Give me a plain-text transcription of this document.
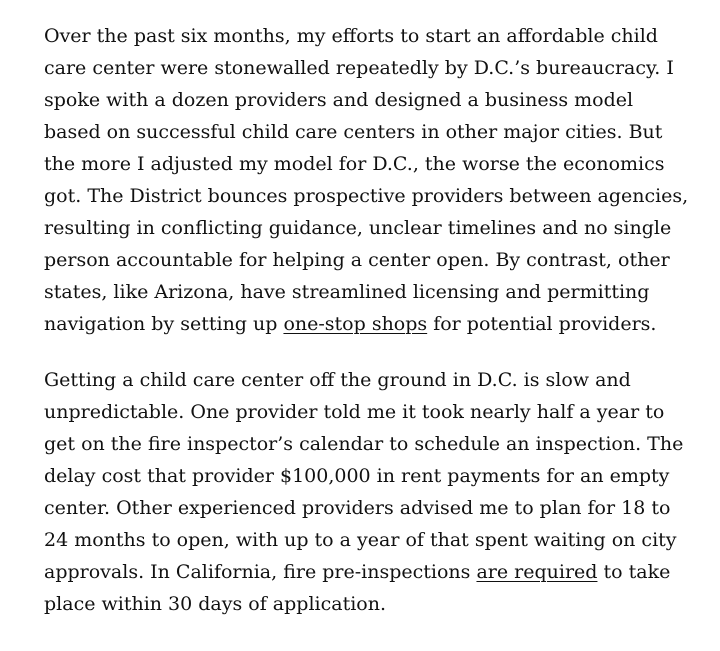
Over the past six months, my efforts to start an affordable child care center were stonewalled repeatedly by D.C.’s bureaucracy. I spoke with a dozen providers and designed a business model based on successful child care centers in other major cities. But the more I adjusted my model for D.C., the worse the economics got. The District bounces prospective providers between agencies, resulting in conflicting guidance, unclear timelines and no single person accountable for helping a center open. By contrast, other states, like Arizona, have streamlined licensing and permitting navigation by setting up one-stop shops for potential providers.

Getting a child care center off the ground in D.C. is slow and unpredictable. One provider told me it took nearly half a year to get on the fire inspector’s calendar to schedule an inspection. The delay cost that provider $100,000 in rent payments for an empty center. Other experienced providers advised me to plan for 18 to 24 months to open, with up to a year of that spent waiting on city approvals. In California, fire pre-inspections are required to take place within 30 days of application.
